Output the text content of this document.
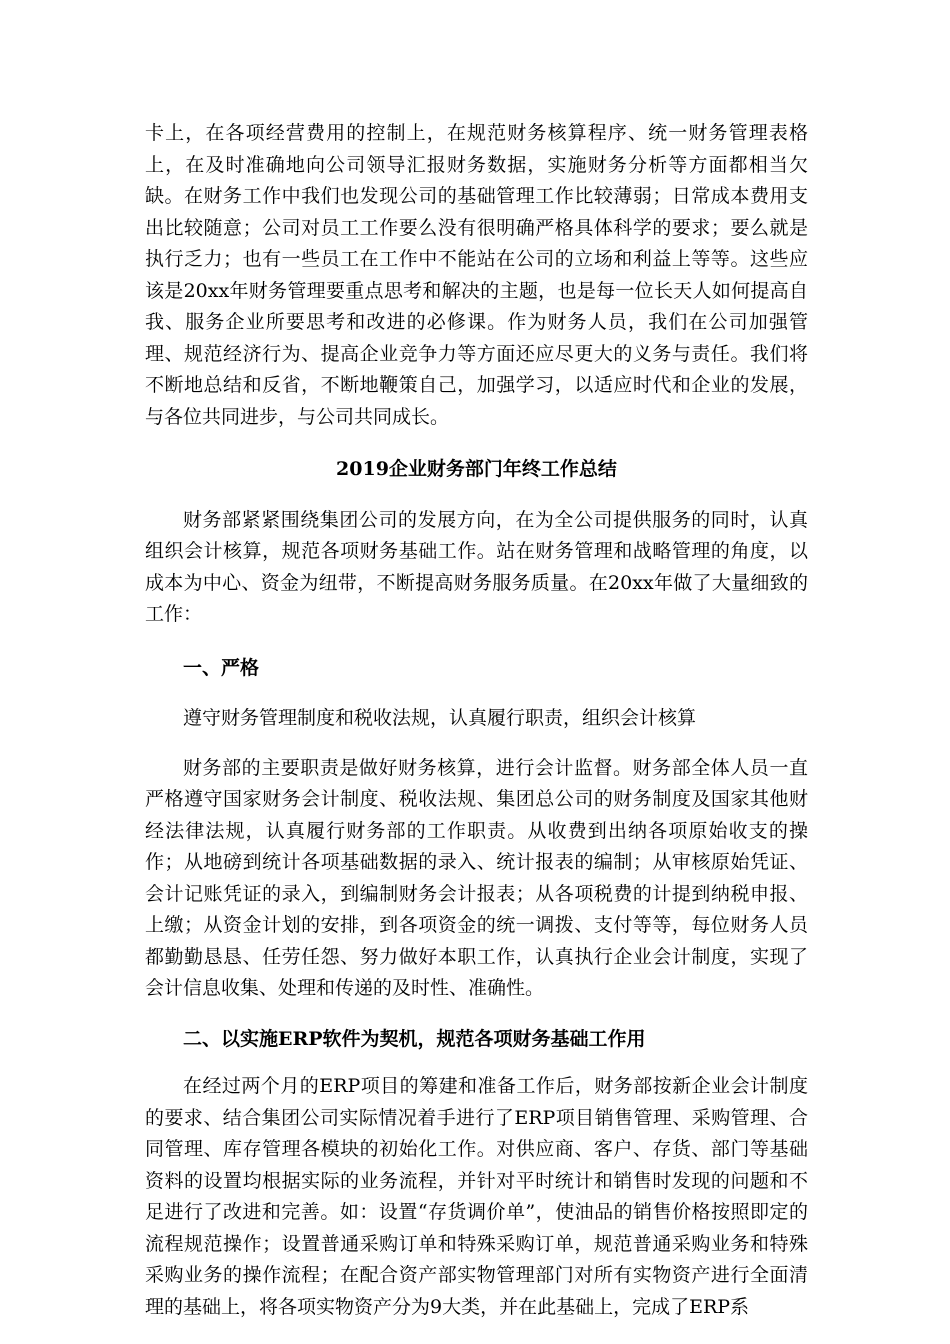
卡上，在各项经营费用的控制上，在规范财务核算程序、统一财务管理表格上，在及时准确地向公司领导汇报财务数据，实施财务分析等方面都相当欠缺。在财务工作中我们也发现公司的基础管理工作比较薄弱；日常成本费用支出比较随意；公司对员工工作要么没有很明确严格具体科学的要求；要么就是执行乏力；也有一些员工在工作中不能站在公司的立场和利益上等等。这些应该是20xx年财务管理要重点思考和解决的主题，也是每一位长天人如何提高自我、服务企业所要思考和改进的必修课。作为财务人员，我们在公司加强管理、规范经济行为、提高企业竞争力等方面还应尽更大的义务与责任。我们将不断地总结和反省，不断地鞭策自己，加强学习，以适应时代和企业的发展，与各位共同进步，与公司共同成长。

2019企业财务部门年终工作总结

财务部紧紧围绕集团公司的发展方向，在为全公司提供服务的同时，认真组织会计核算，规范各项财务基础工作。站在财务管理和战略管理的角度，以成本为中心、资金为纽带，不断提高财务服务质量。在20xx年做了大量细致的工作：

一、严格

遵守财务管理制度和税收法规，认真履行职责，组织会计核算

财务部的主要职责是做好财务核算，进行会计监督。财务部全体人员一直严格遵守国家财务会计制度、税收法规、集团总公司的财务制度及国家其他财经法律法规，认真履行财务部的工作职责。从收费到出纳各项原始收支的操作；从地磅到统计各项基础数据的录入、统计报表的编制；从审核原始凭证、会计记账凭证的录入，到编制财务会计报表；从各项税费的计提到纳税申报、上缴；从资金计划的安排，到各项资金的统一调拨、支付等等，每位财务人员都勤勤恳恳、任劳任怨、努力做好本职工作，认真执行企业会计制度，实现了会计信息收集、处理和传递的及时性、准确性。

二、以实施ERP软件为契机，规范各项财务基础工作用

在经过两个月的ERP项目的筹建和准备工作后，财务部按新企业会计制度的要求、结合集团公司实际情况着手进行了ERP项目销售管理、采购管理、合同管理、库存管理各模块的初始化工作。对供应商、客户、存货、部门等基础资料的设置均根据实际的业务流程，并针对平时统计和销售时发现的问题和不足进行了改进和完善。如：设置“存货调价单”，使油品的销售价格按照即定的流程规范操作；设置普通采购订单和特殊采购订单，规范普通采购业务和特殊采购业务的操作流程；在配合资产部实物管理部门对所有实物资产进行全面清理的基础上，将各项实物资产分为9大类，并在此基础上，完成了ERP系
